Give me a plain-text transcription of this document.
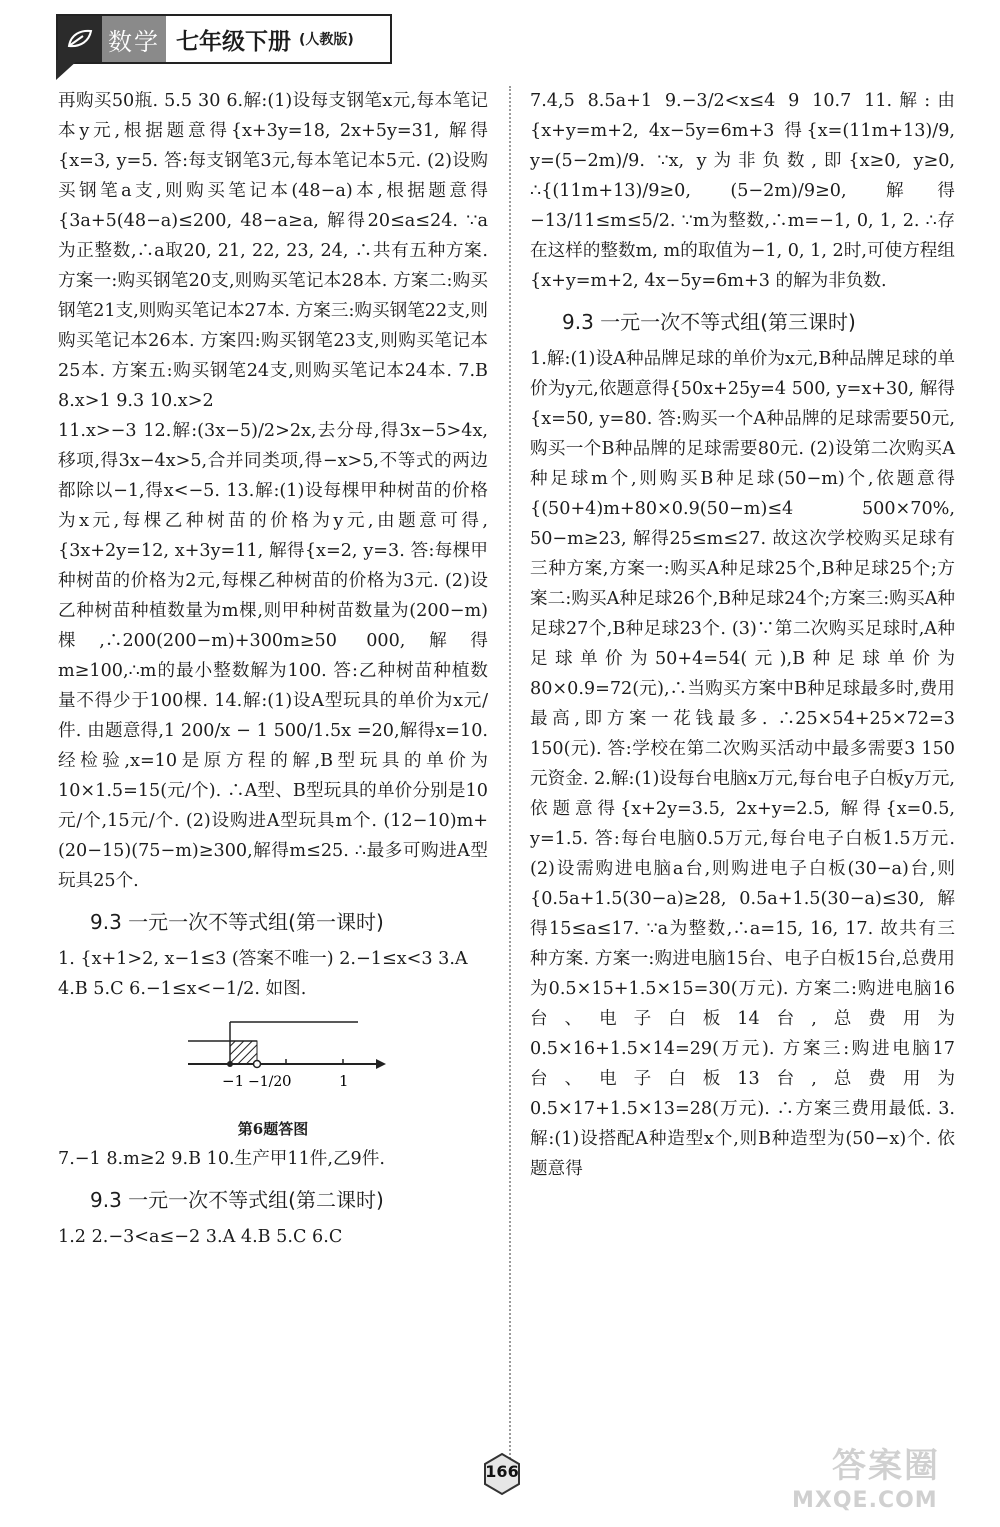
数学 七年级下册 (人教版)

再购买50瓶. 5.5 30 6.解:(1)设每支钢笔x元,每本笔记本y元,根据题意得{x+3y=18, 2x+5y=31, 解得{x=3, y=5. 答:每支钢笔3元,每本笔记本5元. (2)设购买钢笔a支,则购买笔记本(48−a)本,根据题意得{3a+5(48−a)≤200, 48−a≥a, 解得20≤a≤24. ∵a为正整数,∴a取20, 21, 22, 23, 24, ∴共有五种方案. 方案一:购买钢笔20支,则购买笔记本28本. 方案二:购买钢笔21支,则购买笔记本27本. 方案三:购买钢笔22支,则购买笔记本26本. 方案四:购买钢笔23支,则购买笔记本25本. 方案五:购买钢笔24支,则购买笔记本24本. 7.B 8.x>1 9.3 10.x>2

11.x>−3 12.解:(3x−5)/2>2x,去分母,得3x−5>4x,移项,得3x−4x>5,合并同类项,得−x>5,不等式的两边都除以−1,得x<−5. 13.解:(1)设每棵甲种树苗的价格为x元,每棵乙种树苗的价格为y元,由题意可得,{3x+2y=12, x+3y=11, 解得{x=2, y=3. 答:每棵甲种树苗的价格为2元,每棵乙种树苗的价格为3元. (2)设乙种树苗种植数量为m棵,则甲种树苗数量为(200−m)棵,∴200(200−m)+300m≥50 000,解得m≥100,∴m的最小整数解为100. 答:乙种树苗种植数量不得少于100棵. 14.解:(1)设A型玩具的单价为x元/件. 由题意得,1 200/x − 1 500/1.5x =20,解得x=10. 经检验,x=10是原方程的解,B型玩具的单价为10×1.5=15(元/个). ∴A型、B型玩具的单价分别是10元/个,15元/个. (2)设购进A型玩具m个. (12−10)m+(20−15)(75−m)≥300,解得m≤25. ∴最多可购进A型玩具25个.

9.3 一元一次不等式组(第一课时)

1. {x+1>2, x−1≤3 (答案不唯一) 2.−1≤x<3 3.A

4.B 5.C 6.−1≤x<−1/2. 如图.

−1 −1/2 0	1
第6题答图

7.−1 8.m≥2 9.B 10.生产甲11件,乙9件.

9.3 一元一次不等式组(第二课时)

1.2 2.−3<a≤−2 3.A 4.B 5.C 6.C

7.4,5 8.5a+1 9.−3/2<x≤4 9 10.7 11.解:由{x+y=m+2, 4x−5y=6m+3 得{x=(11m+13)/9, y=(5−2m)/9. ∵x, y为非负数,即{x≥0, y≥0, ∴{(11m+13)/9≥0, (5−2m)/9≥0, 解得−13/11≤m≤5/2. ∵m为整数,∴m=−1, 0, 1, 2. ∴存在这样的整数m, m的取值为−1, 0, 1, 2时,可使方程组{x+y=m+2, 4x−5y=6m+3 的解为非负数.

9.3 一元一次不等式组(第三课时)

1.解:(1)设A种品牌足球的单价为x元,B种品牌足球的单价为y元,依题意得{50x+25y=4 500, y=x+30, 解得{x=50, y=80. 答:购买一个A种品牌的足球需要50元,购买一个B种品牌的足球需要80元. (2)设第二次购买A种足球m个,则购买B种足球(50−m)个,依题意得{(50+4)m+80×0.9(50−m)≤4 500×70%, 50−m≥23, 解得25≤m≤27. 故这次学校购买足球有三种方案,方案一:购买A种足球25个,B种足球25个;方案二:购买A种足球26个,B种足球24个;方案三:购买A种足球27个,B种足球23个. (3)∵第二次购买足球时,A种足球单价为50+4=54(元),B种足球单价为80×0.9=72(元),∴当购买方案中B种足球最多时,费用最高,即方案一花钱最多. ∴25×54+25×72=3 150(元). 答:学校在第二次购买活动中最多需要3 150元资金. 2.解:(1)设每台电脑x万元,每台电子白板y万元,依题意得{x+2y=3.5, 2x+y=2.5, 解得{x=0.5, y=1.5. 答:每台电脑0.5万元,每台电子白板1.5万元. (2)设需购进电脑a台,则购进电子白板(30−a)台,则{0.5a+1.5(30−a)≥28, 0.5a+1.5(30−a)≤30, 解得15≤a≤17. ∵a为整数,∴a=15, 16, 17. 故共有三种方案. 方案一:购进电脑15台、电子白板15台,总费用为0.5×15+1.5×15=30(万元). 方案二:购进电脑16台、电子白板14台,总费用为0.5×16+1.5×14=29(万元). 方案三:购进电脑17台、电子白板13台,总费用为0.5×17+1.5×13=28(万元). ∴方案三费用最低. 3.解:(1)设搭配A种造型x个,则B种造型为(50−x)个. 依题意得

166	答案圈
MXQE.COM
